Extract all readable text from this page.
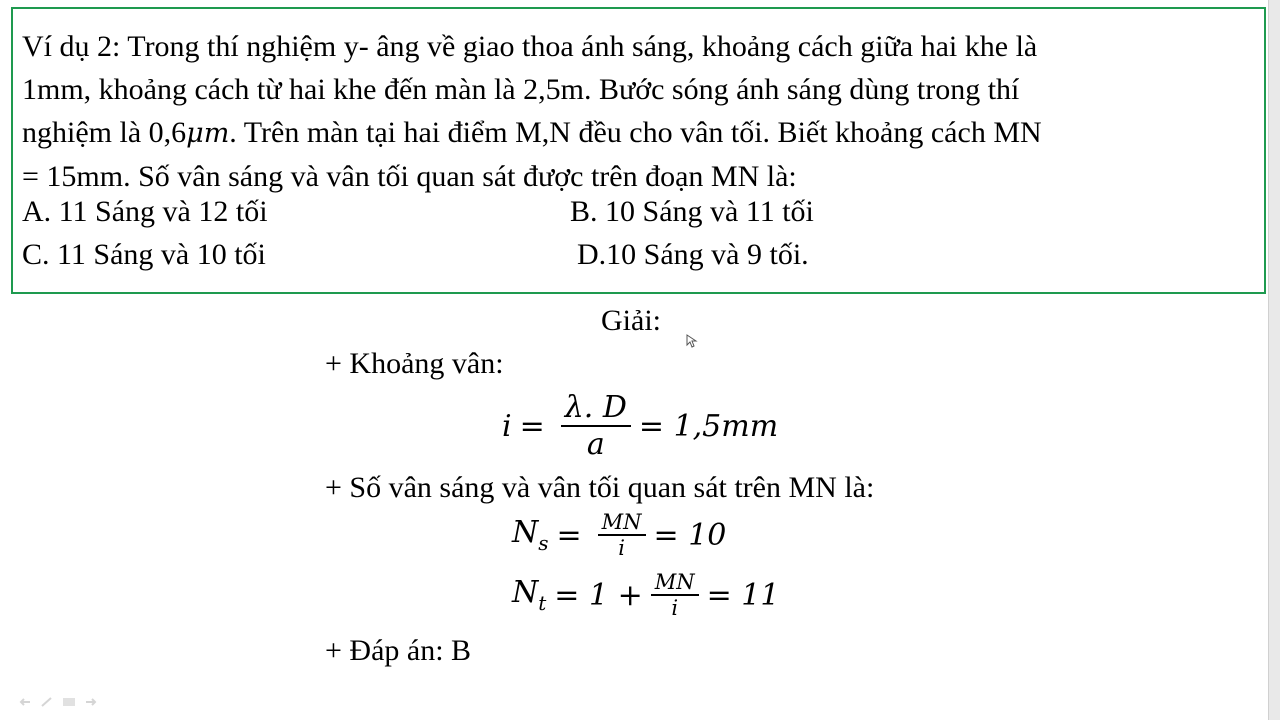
Ví dụ 2: Trong thí nghiệm y- âng về giao thoa ánh sáng, khoảng cách giữa hai khe là
1mm, khoảng cách từ hai khe đến màn là 2,5m. Bước sóng ánh sáng dùng trong thí
nghiệm là 0,6μm. Trên màn tại hai điểm M,N đều cho vân tối. Biết khoảng cách MN
= 15mm. Số vân sáng và vân tối quan sát được trên đoạn MN là:
A. 11 Sáng và 12 tối	B. 10 Sáng và 11 tối
C. 11 Sáng và 10 tối	D.10 Sáng và 9 tối.
Giải:
+ Khoảng vân:
$i = \frac{\lambda. D}{a} = 1,5mm$
+ Số vân sáng và vân tối quan sát trên MN là:
$N_s = \frac{MN}{i} = 10$
$N_t = 1 + \frac{MN}{i} = 11$
+ Đáp án: B
